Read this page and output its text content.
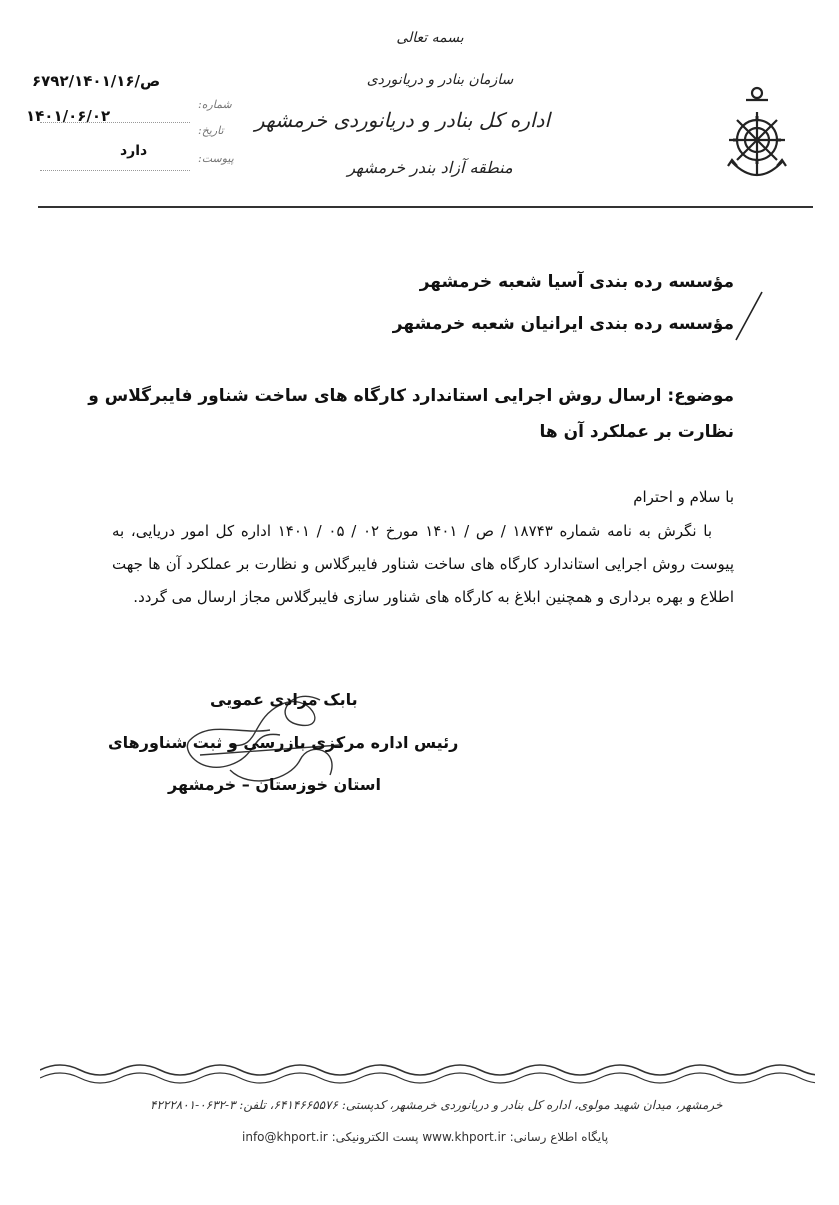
بسمه تعالی
سازمان بنادر و دریانوردی
اداره کل بنادر و دریانوردی خرمشهر
منطقه آزاد بندر خرمشهر
شماره:
تاریخ:
پیوست:
۶۷۹۲/ص/۱۴۰۱/۱۶
۱۴۰۱/۰۶/۰۲
دارد
مؤسسه رده بندی آسیا شعبه خرمشهر
مؤسسه رده بندی ایرانیان شعبه خرمشهر
موضوع: ارسال روش اجرایی استاندارد کارگاه های ساخت شناور فایبرگلاس و
نظارت بر عملکرد آن ها
با سلام و احترام
با نگرش به نامه شماره ۱۸۷۴۳ / ص / ۱۴۰۱ مورخ ۰۲ / ۰۵ / ۱۴۰۱ اداره کل امور دریایی، به پیوست روش اجرایی استاندارد کارگاه های ساخت شناور فایبرگلاس و نظارت بر عملکرد آن ها جهت اطلاع و بهره برداری و همچنین ابلاغ به کارگاه های شناور سازی فایبرگلاس مجاز ارسال می گردد.
بابک مرادی عمویی
رئیس اداره مرکزی بازرسی و ثبت شناورهای
استان خوزستان – خرمشهر
خرمشهر، میدان شهید مولوی، اداره کل بنادر و دریانوردی خرمشهر، کدپستی: ۶۴۱۴۶۶۵۵۷۶، تلفن: ۳-۰۶۳۲-۴۲۲۲۸۰۱
info@khport.ir پست الکترونیکی: www.khport.ir پایگاه اطلاع رسانی:
